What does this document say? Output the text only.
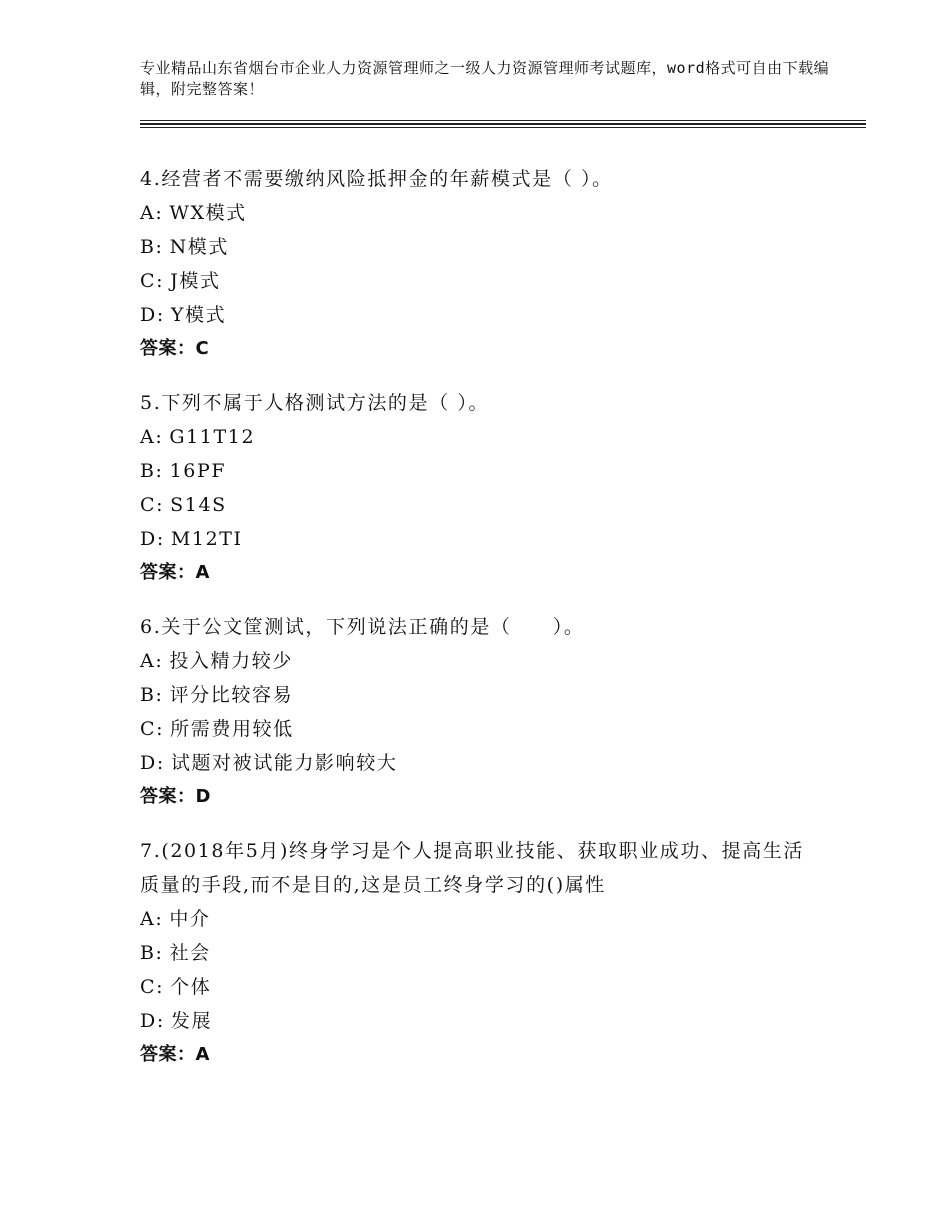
专业精品山东省烟台市企业人力资源管理师之一级人力资源管理师考试题库，word格式可自由下载编辑，附完整答案！

4.经营者不需要缴纳风险抵押金的年薪模式是（ ）。

A: WX模式

B: N模式

C: J模式

D: Y模式

答案：C

5.下列不属于人格测试方法的是（ ）。

A: G11T12

B: 16PF

C: S14S

D: M12TI

答案：A

6.关于公文筐测试，下列说法正确的是（　　）。

A: 投入精力较少

B: 评分比较容易

C: 所需费用较低

D: 试题对被试能力影响较大

答案：D

7.(2018年5月)终身学习是个人提高职业技能、获取职业成功、提高生活质量的手段,而不是目的,这是员工终身学习的()属性

A: 中介

B: 社会

C: 个体

D: 发展

答案：A
